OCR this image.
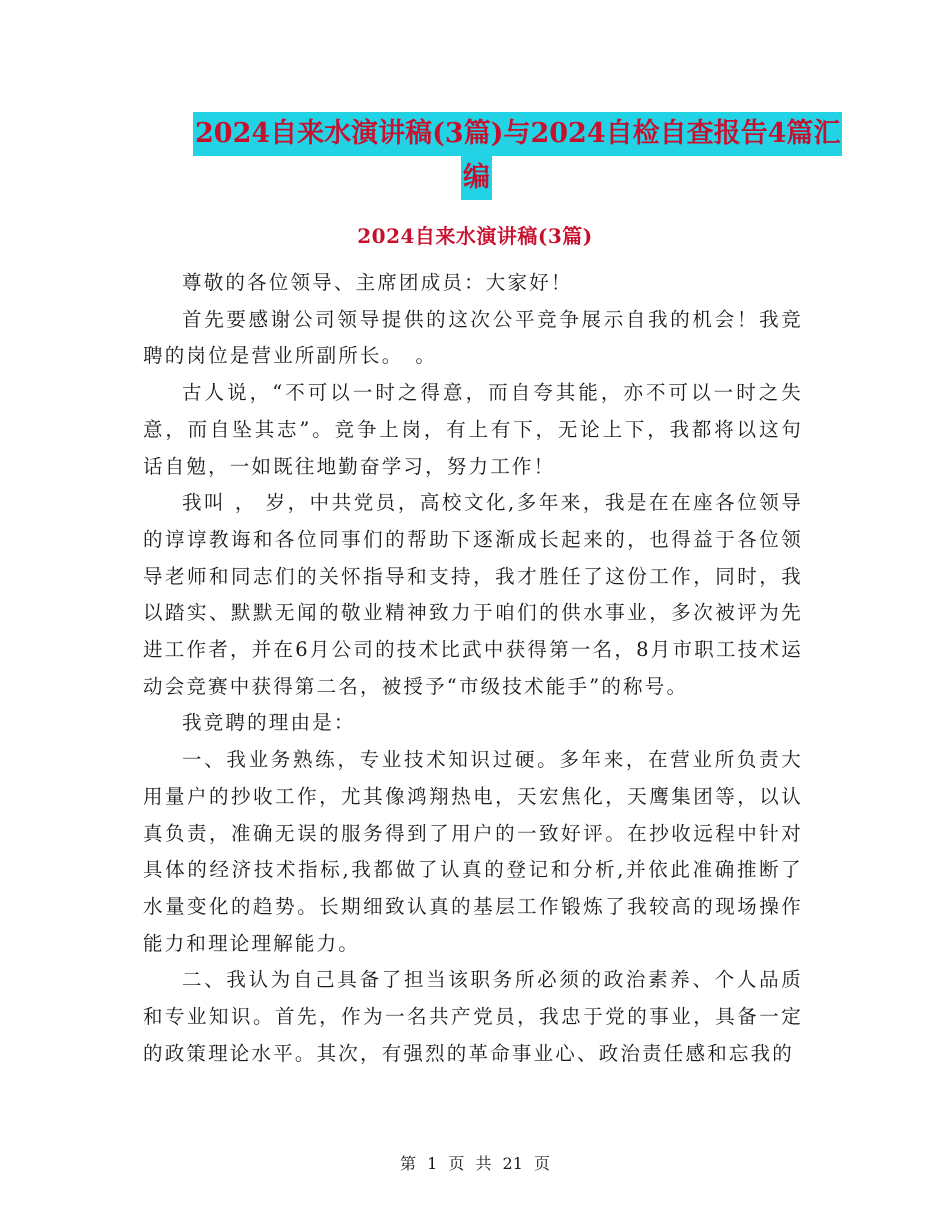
2024自来水演讲稿(3篇)与2024自检自查报告4篇汇
编
2024自来水演讲稿(3篇)

尊敬的各位领导、主席团成员：大家好！

首先要感谢公司领导提供的这次公平竞争展示自我的机会！我竞聘的岗位是营业所副所长。　。

古人说，“不可以一时之得意，而自夸其能，亦不可以一时之失意，而自坠其志”。竞争上岗，有上有下，无论上下，我都将以这句话自勉，一如既往地勤奋学习，努力工作！

我叫 ， 岁，中共党员，高校文化,多年来，我是在在座各位领导的谆谆教诲和各位同事们的帮助下逐渐成长起来的，也得益于各位领导老师和同志们的关怀指导和支持，我才胜任了这份工作，同时，我以踏实、默默无闻的敬业精神致力于咱们的供水事业，多次被评为先进工作者，并在6月公司的技术比武中获得第一名，8月市职工技术运动会竞赛中获得第二名，被授予“市级技术能手”的称号。

我竞聘的理由是：

一、我业务熟练，专业技术知识过硬。多年来，在营业所负责大用量户的抄收工作，尤其像鸿翔热电，天宏焦化，天鹰集团等，以认真负责，准确无误的服务得到了用户的一致好评。在抄收远程中针对具体的经济技术指标,我都做了认真的登记和分析,并依此准确推断了水量变化的趋势。长期细致认真的基层工作锻炼了我较高的现场操作能力和理论理解能力。

二、我认为自己具备了担当该职务所必须的政治素养、个人品质和专业知识。首先，作为一名共产党员，我忠于党的事业，具备一定的政策理论水平。其次，有强烈的革命事业心、政治责任感和忘我的

第 1 页 共 21 页
